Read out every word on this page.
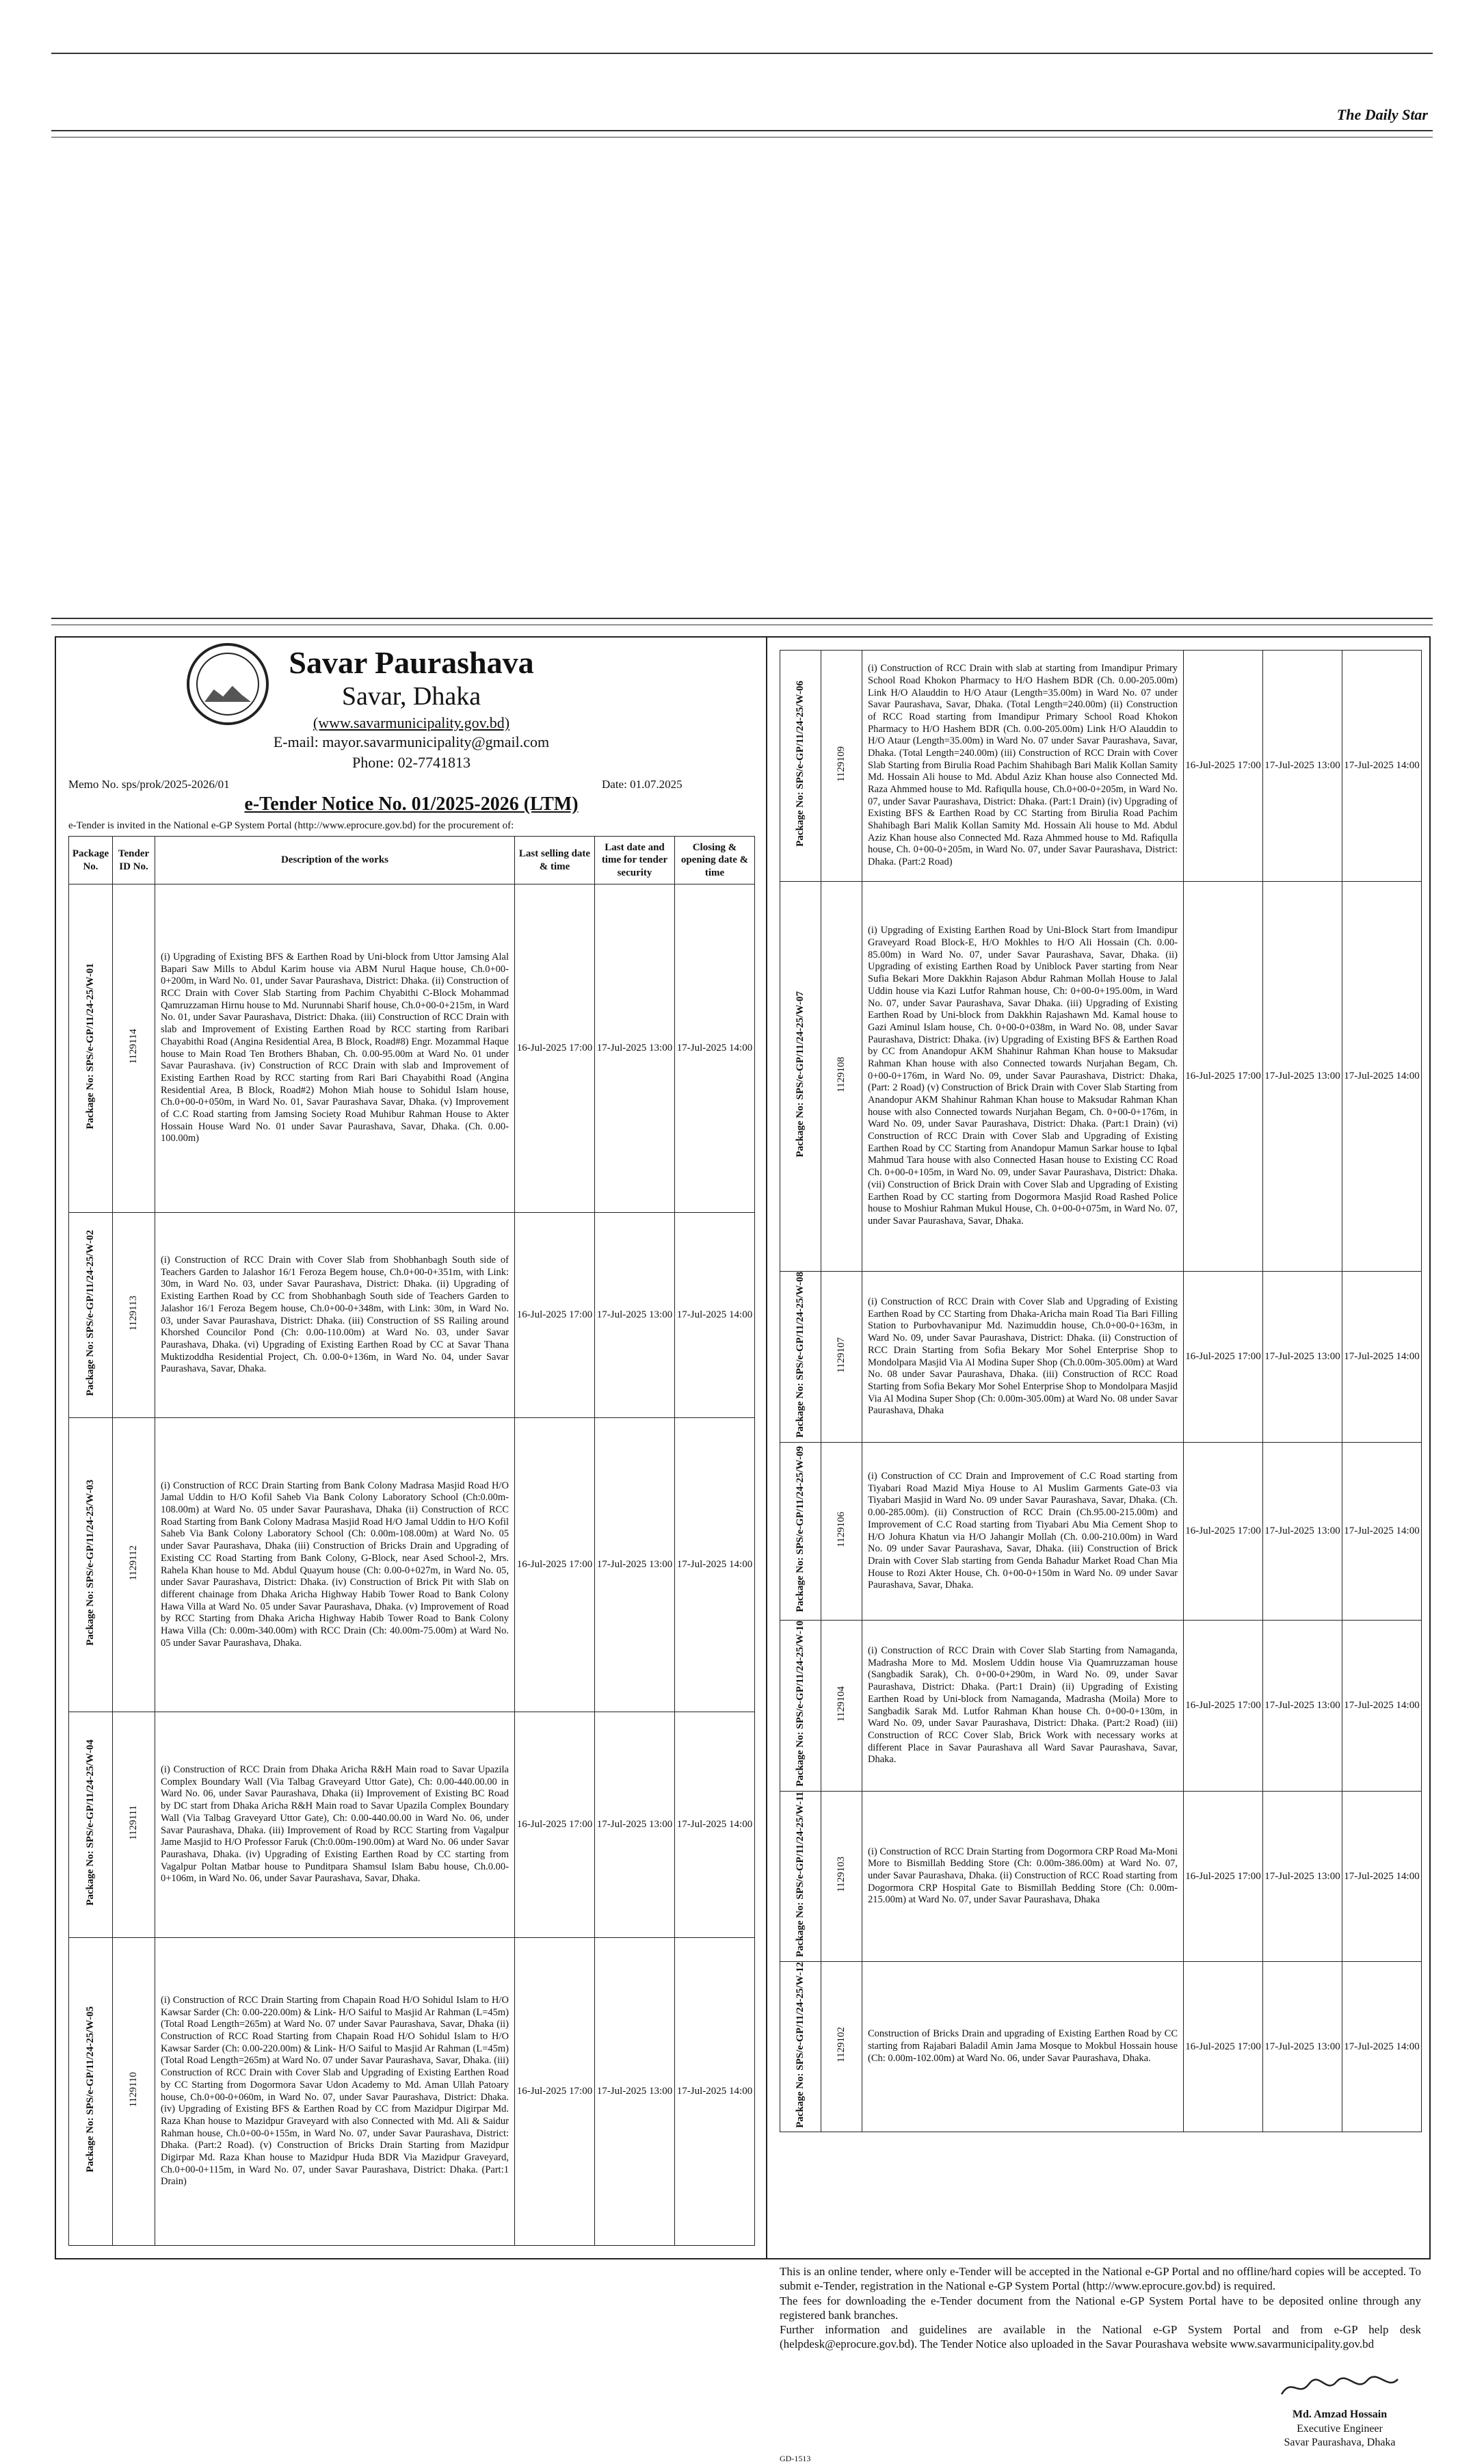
The Daily Star
Savar Paurashava
Savar, Dhaka
(www.savarmunicipality.gov.bd)
E-mail: mayor.savarmunicipality@gmail.com
Phone: 02-7741813
Memo No. sps/prok/2025-2026/01	Date: 01.07.2025
e-Tender Notice No. 01/2025-2026 (LTM)
e-Tender is invited in the National e-GP System Portal (http://www.eprocure.gov.bd) for the procurement of:
Package No.	Tender ID No.	Description of the works	Last selling date & time	Last date and time for tender security	Closing & opening date & time
Package No: SPS/e-GP/11/24-25/W-01	1129114	(i) Upgrading of Existing BFS & Earthen Road by Uni-block from Uttor Jamsing Alal Bapari Saw Mills to Abdul Karim house via ABM Nurul Haque house, Ch.0+00-0+200m, in Ward No. 01, under Savar Paurashava, District: Dhaka. (ii) Construction of RCC Drain with Cover Slab Starting from Pachim Chyabithi C-Block Mohammad Qamruzzaman Hirnu house to Md. Nurunnabi Sharif house, Ch.0+00-0+215m, in Ward No. 01, under Savar Paurashava, District: Dhaka. (iii) Construction of RCC Drain with slab and Improvement of Existing Earthen Road by RCC starting from Raribari Chayabithi Road (Angina Residential Area, B Block, Road#8) Engr. Mozammal Haque house to Main Road Ten Brothers Bhaban, Ch. 0.00-95.00m at Ward No. 01 under Savar Paurashava. (iv) Construction of RCC Drain with slab and Improvement of Existing Earthen Road by RCC starting from Rari Bari Chayabithi Road (Angina Residential Area, B Block, Road#2) Mohon Miah house to Sohidul Islam house, Ch.0+00-0+050m, in Ward No. 01, Savar Paurashava Savar, Dhaka. (v) Improvement of C.C Road starting from Jamsing Society Road Muhibur Rahman House to Akter Hossain House Ward No. 01 under Savar Paurashava, Savar, Dhaka. (Ch. 0.00-100.00m)	16-Jul-2025 17:00	17-Jul-2025 13:00	17-Jul-2025 14:00
Package No: SPS/e-GP/11/24-25/W-02	1129113	(i) Construction of RCC Drain with Cover Slab from Shobhanbagh South side of Teachers Garden to Jalashor 16/1 Feroza Begem house, Ch.0+00-0+351m, with Link: 30m, in Ward No. 03, under Savar Paurashava, District: Dhaka. (ii) Upgrading of Existing Earthen Road by CC from Shobhanbagh South side of Teachers Garden to Jalashor 16/1 Feroza Begem house, Ch.0+00-0+348m, with Link: 30m, in Ward No. 03, under Savar Paurashava, District: Dhaka. (iii) Construction of SS Railing around Khorshed Councilor Pond (Ch: 0.00-110.00m) at Ward No. 03, under Savar Paurashava, Dhaka. (vi) Upgrading of Existing Earthen Road by CC at Savar Thana Muktizoddha Residential Project, Ch. 0.00-0+136m, in Ward No. 04, under Savar Paurashava, Savar, Dhaka.	16-Jul-2025 17:00	17-Jul-2025 13:00	17-Jul-2025 14:00
Package No: SPS/e-GP/11/24-25/W-03	1129112	(i) Construction of RCC Drain Starting from Bank Colony Madrasa Masjid Road H/O Jamal Uddin to H/O Kofil Saheb Via Bank Colony Laboratory School (Ch:0.00m-108.00m) at Ward No. 05 under Savar Paurashava, Dhaka (ii) Construction of RCC Road Starting from Bank Colony Madrasa Masjid Road H/O Jamal Uddin to H/O Kofil Saheb Via Bank Colony Laboratory School (Ch: 0.00m-108.00m) at Ward No. 05 under Savar Paurashava, Dhaka (iii) Construction of Bricks Drain and Upgrading of Existing CC Road Starting from Bank Colony, G-Block, near Ased School-2, Mrs. Rahela Khan house to Md. Abdul Quayum house (Ch: 0.00-0+027m, in Ward No. 05, under Savar Paurashava, District: Dhaka. (iv) Construction of Brick Pit with Slab on different chainage from Dhaka Aricha Highway Habib Tower Road to Bank Colony Hawa Villa at Ward No. 05 under Savar Paurashava, Dhaka. (v) Improvement of Road by RCC Starting from Dhaka Aricha Highway Habib Tower Road to Bank Colony Hawa Villa (Ch: 0.00m-340.00m) with RCC Drain (Ch: 40.00m-75.00m) at Ward No. 05 under Savar Paurashava, Dhaka.	16-Jul-2025 17:00	17-Jul-2025 13:00	17-Jul-2025 14:00
Package No: SPS/e-GP/11/24-25/W-04	1129111	(i) Construction of RCC Drain from Dhaka Aricha R&H Main road to Savar Upazila Complex Boundary Wall (Via Talbag Graveyard Uttor Gate), Ch: 0.00-440.00.00 in Ward No. 06, under Savar Paurashava, Dhaka (ii) Improvement of Existing BC Road by DC start from Dhaka Aricha R&H Main road to Savar Upazila Complex Boundary Wall (Via Talbag Graveyard Uttor Gate), Ch: 0.00-440.00.00 in Ward No. 06, under Savar Paurashava, Dhaka. (iii) Improvement of Road by RCC Starting from Vagalpur Jame Masjid to H/O Professor Faruk (Ch:0.00m-190.00m) at Ward No. 06 under Savar Paurashava, Dhaka. (iv) Upgrading of Existing Earthen Road by CC starting from Vagalpur Poltan Matbar house to Punditpara Shamsul Islam Babu house, Ch.0.00-0+106m, in Ward No. 06, under Savar Paurashava, Savar, Dhaka.	16-Jul-2025 17:00	17-Jul-2025 13:00	17-Jul-2025 14:00
Package No: SPS/e-GP/11/24-25/W-05	1129110	(i) Construction of RCC Drain Starting from Chapain Road H/O Sohidul Islam to H/O Kawsar Sarder (Ch: 0.00-220.00m) & Link- H/O Saiful to Masjid Ar Rahman (L=45m) (Total Road Length=265m) at Ward No. 07 under Savar Paurashava, Savar, Dhaka (ii) Construction of RCC Road Starting from Chapain Road H/O Sohidul Islam to H/O Kawsar Sarder (Ch: 0.00-220.00m) & Link- H/O Saiful to Masjid Ar Rahman (L=45m) (Total Road Length=265m) at Ward No. 07 under Savar Paurashava, Savar, Dhaka. (iii) Construction of RCC Drain with Cover Slab and Upgrading of Existing Earthen Road by CC Starting from Dogormora Savar Udon Academy to Md. Aman Ullah Patoary house, Ch.0+00-0+060m, in Ward No. 07, under Savar Paurashava, District: Dhaka. (iv) Upgrading of Existing BFS & Earthen Road by CC from Mazidpur Digirpar Md. Raza Khan house to Mazidpur Graveyard with also Connected with Md. Ali & Saidur Rahman house, Ch.0+00-0+155m, in Ward No. 07, under Savar Paurashava, District: Dhaka. (Part:2 Road). (v) Construction of Bricks Drain Starting from Mazidpur Digirpar Md. Raza Khan house to Mazidpur Huda BDR Via Mazidpur Graveyard, Ch.0+00-0+115m, in Ward No. 07, under Savar Paurashava, District: Dhaka. (Part:1 Drain)	16-Jul-2025 17:00	17-Jul-2025 13:00	17-Jul-2025 14:00
Package No: SPS/e-GP/11/24-25/W-06	1129109	(i) Construction of RCC Drain with slab at starting from Imandipur Primary School Road Khokon Pharmacy to H/O Hashem BDR (Ch. 0.00-205.00m) Link H/O Alauddin to H/O Ataur (Length=35.00m) in Ward No. 07 under Savar Paurashava, Savar, Dhaka. (Total Length=240.00m) (ii) Construction of RCC Road starting from Imandipur Primary School Road Khokon Pharmacy to H/O Hashem BDR (Ch. 0.00-205.00m) Link H/O Alauddin to H/O Ataur (Length=35.00m) in Ward No. 07 under Savar Paurashava, Savar, Dhaka. (Total Length=240.00m) (iii) Construction of RCC Drain with Cover Slab Starting from Birulia Road Pachim Shahibagh Bari Malik Kollan Samity Md. Hossain Ali house to Md. Abdul Aziz Khan house also Connected Md. Raza Ahmmed house to Md. Rafiqulla house, Ch.0+00-0+205m, in Ward No. 07, under Savar Paurashava, District: Dhaka. (Part:1 Drain) (iv) Upgrading of Existing BFS & Earthen Road by CC Starting from Birulia Road Pachim Shahibagh Bari Malik Kollan Samity Md. Hossain Ali house to Md. Abdul Aziz Khan house also Connected Md. Raza Ahmmed house to Md. Rafiqulla house, Ch. 0+00-0+205m, in Ward No. 07, under Savar Paurashava, District: Dhaka. (Part:2 Road)	16-Jul-2025 17:00	17-Jul-2025 13:00	17-Jul-2025 14:00
Package No: SPS/e-GP/11/24-25/W-07	1129108	(i) Upgrading of Existing Earthen Road by Uni-Block Start from Imandipur Graveyard Road Block-E, H/O Mokhles to H/O Ali Hossain (Ch. 0.00-85.00m) in Ward No. 07, under Savar Paurashava, Savar, Dhaka. (ii) Upgrading of existing Earthen Road by Uniblock Paver starting from Near Sufia Bekari More Dakkhin Rajason Abdur Rahman Mollah House to Jalal Uddin house via Kazi Lutfor Rahman house, Ch: 0+00-0+195.00m, in Ward No. 07, under Savar Paurashava, Savar Dhaka. (iii) Upgrading of Existing Earthen Road by Uni-block from Dakkhin Rajashawn Md. Kamal house to Gazi Aminul Islam house, Ch. 0+00-0+038m, in Ward No. 08, under Savar Paurashava, District: Dhaka. (iv) Upgrading of Existing BFS & Earthen Road by CC from Anandopur AKM Shahinur Rahman Khan house to Maksudar Rahman Khan house with also Connected towards Nurjahan Begam, Ch. 0+00-0+176m, in Ward No. 09, under Savar Paurashava, District: Dhaka, (Part: 2 Road) (v) Construction of Brick Drain with Cover Slab Starting from Anandopur AKM Shahinur Rahman Khan house to Maksudar Rahman Khan house with also Connected towards Nurjahan Begam, Ch. 0+00-0+176m, in Ward No. 09, under Savar Paurashava, District: Dhaka. (Part:1 Drain) (vi) Construction of RCC Drain with Cover Slab and Upgrading of Existing Earthen Road by CC Starting from Anandopur Mamun Sarkar house to Iqbal Mahmud Tara house with also Connected Hasan house to Existing CC Road Ch. 0+00-0+105m, in Ward No. 09, under Savar Paurashava, District: Dhaka. (vii) Construction of Brick Drain with Cover Slab and Upgrading of Existing Earthen Road by CC starting from Dogormora Masjid Road Rashed Police house to Moshiur Rahman Mukul House, Ch. 0+00-0+075m, in Ward No. 07, under Savar Paurashava, Savar, Dhaka.	16-Jul-2025 17:00	17-Jul-2025 13:00	17-Jul-2025 14:00
Package No: SPS/e-GP/11/24-25/W-08	1129107	(i) Construction of RCC Drain with Cover Slab and Upgrading of Existing Earthen Road by CC Starting from Dhaka-Aricha main Road Tia Bari Filling Station to Purbovhavanipur Md. Nazimuddin house, Ch.0+00-0+163m, in Ward No. 09, under Savar Paurashava, District: Dhaka. (ii) Construction of RCC Drain Starting from Sofia Bekary Mor Sohel Enterprise Shop to Mondolpara Masjid Via Al Modina Super Shop (Ch.0.00m-305.00m) at Ward No. 08 under Savar Paurashava, Dhaka. (iii) Construction of RCC Road Starting from Sofia Bekary Mor Sohel Enterprise Shop to Mondolpara Masjid Via Al Modina Super Shop (Ch: 0.00m-305.00m) at Ward No. 08 under Savar Paurashava, Dhaka	16-Jul-2025 17:00	17-Jul-2025 13:00	17-Jul-2025 14:00
Package No: SPS/e-GP/11/24-25/W-09	1129106	(i) Construction of CC Drain and Improvement of C.C Road starting from Tiyabari Road Mazid Miya House to Al Muslim Garments Gate-03 via Tiyabari Masjid in Ward No. 09 under Savar Paurashava, Savar, Dhaka. (Ch. 0.00-285.00m). (ii) Construction of RCC Drain (Ch.95.00-215.00m) and Improvement of C.C Road starting from Tiyabari Abu Mia Cement Shop to H/O Johura Khatun via H/O Jahangir Mollah (Ch. 0.00-210.00m) in Ward No. 09 under Savar Paurashava, Savar, Dhaka. (iii) Construction of Brick Drain with Cover Slab starting from Genda Bahadur Market Road Chan Mia House to Rozi Akter House, Ch. 0+00-0+150m in Ward No. 09 under Savar Paurashava, Savar, Dhaka.	16-Jul-2025 17:00	17-Jul-2025 13:00	17-Jul-2025 14:00
Package No: SPS/e-GP/11/24-25/W-10	1129104	(i) Construction of RCC Drain with Cover Slab Starting from Namaganda, Madrasha More to Md. Moslem Uddin house Via Quamruzzaman house (Sangbadik Sarak), Ch. 0+00-0+290m, in Ward No. 09, under Savar Paurashava, District: Dhaka. (Part:1 Drain) (ii) Upgrading of Existing Earthen Road by Uni-block from Namaganda, Madrasha (Moila) More to Sangbadik Sarak Md. Lutfor Rahman Khan house Ch. 0+00-0+130m, in Ward No. 09, under Savar Paurashava, District: Dhaka. (Part:2 Road) (iii) Construction of RCC Cover Slab, Brick Work with necessary works at different Place in Savar Paurashava all Ward Savar Paurashava, Savar, Dhaka.	16-Jul-2025 17:00	17-Jul-2025 13:00	17-Jul-2025 14:00
Package No: SPS/e-GP/11/24-25/W-11	1129103	(i) Construction of RCC Drain Starting from Dogormora CRP Road Ma-Moni More to Bismillah Bedding Store (Ch: 0.00m-386.00m) at Ward No. 07, under Savar Paurashava, Dhaka. (ii) Construction of RCC Road starting from Dogormora CRP Hospital Gate to Bismillah Bedding Store (Ch: 0.00m-215.00m) at Ward No. 07, under Savar Paurashava, Dhaka	16-Jul-2025 17:00	17-Jul-2025 13:00	17-Jul-2025 14:00
Package No: SPS/e-GP/11/24-25/W-12	1129102	Construction of Bricks Drain and upgrading of Existing Earthen Road by CC starting from Rajabari Baladil Amin Jama Mosque to Mokbul Hossain house (Ch: 0.00m-102.00m) at Ward No. 06, under Savar Paurashava, Dhaka.	16-Jul-2025 17:00	17-Jul-2025 13:00	17-Jul-2025 14:00

This is an online tender, where only e-Tender will be accepted in the National e-GP Portal and no offline/hard copies will be accepted. To submit e-Tender, registration in the National e-GP System Portal (http://www.eprocure.gov.bd) is required.

The fees for downloading the e-Tender document from the National e-GP System Portal have to be deposited online through any registered bank branches.

Further information and guidelines are available in the National e-GP System Portal and from e-GP help desk (helpdesk@eprocure.gov.bd). The Tender Notice also uploaded in the Savar Pourashava website www.savarmunicipality.gov.bd

Md. Amzad Hossain
Executive Engineer
Savar Paurashava, Dhaka
GD-1513
